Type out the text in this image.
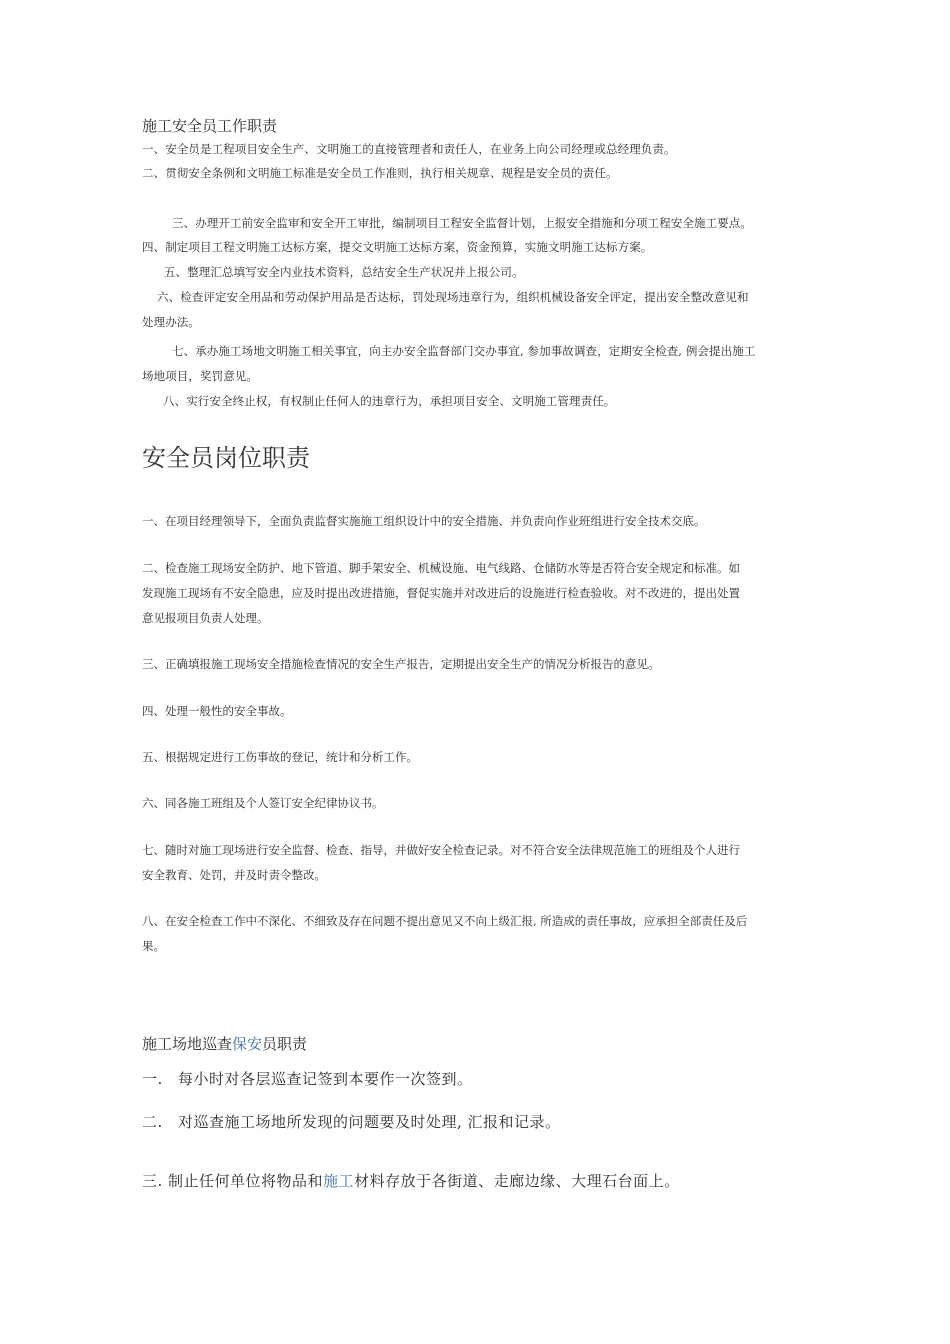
施工安全员工作职责

一、安全员是工程项目安全生产、文明施工的直接管理者和责任人，在业务上向公司经理或总经理负责。

二、贯彻安全条例和文明施工标准是安全员工作准则，执行相关规章、规程是安全员的责任。

三、办理开工前安全监审和安全开工审批，编制项目工程安全监督计划，上报安全措施和分项工程安全施工要点。

四、制定项目工程文明施工达标方案，提交文明施工达标方案，资金预算，实施文明施工达标方案。

五、整理汇总填写安全内业技术资料，总结安全生产状况并上报公司。

六、检查评定安全用品和劳动保护用品是否达标，罚处现场违章行为，组织机械设备安全评定，提出安全整改意见和

处理办法。

七、承办施工场地文明施工相关事宜，向主办安全监督部门交办事宜, 参加事故调查，定期安全检查, 例会提出施工

场地项目，奖罚意见。

八、实行安全终止权，有权制止任何人的违章行为，承担项目安全、文明施工管理责任。

安全员岗位职责

一、在项目经理领导下，全面负责监督实施施工组织设计中的安全措施、并负责向作业班组进行安全技术交底。

二、检查施工现场安全防护、地下管道、脚手架安全、机械设施、电气线路、仓储防水等是否符合安全规定和标准。如

发现施工现场有不安全隐患，应及时提出改进措施，督促实施并对改进后的设施进行检查验收。对不改进的，提出处置

意见报项目负责人处理。

三、正确填报施工现场安全措施检查情况的安全生产报告，定期提出安全生产的情况分析报告的意见。

四、处理一般性的安全事故。

五、根据规定进行工伤事故的登记，统计和分析工作。

六、同各施工班组及个人签订安全纪律协议书。

七、随时对施工现场进行安全监督、检查、指导，并做好安全检查记录。对不符合安全法律规范施工的班组及个人进行

安全教育、处罚，并及时责令整改。

八、在安全检查工作中不深化、不细致及存在问题不提出意见又不向上级汇报, 所造成的责任事故，应承担全部责任及后

果。

施工场地巡查保安员职责

一. 每小时对各层巡查记签到本要作一次签到。

二. 对巡查施工场地所发现的问题要及时处理, 汇报和记录。

三. 制止任何单位将物品和施工材料存放于各街道、走廊边缘、大理石台面上。
